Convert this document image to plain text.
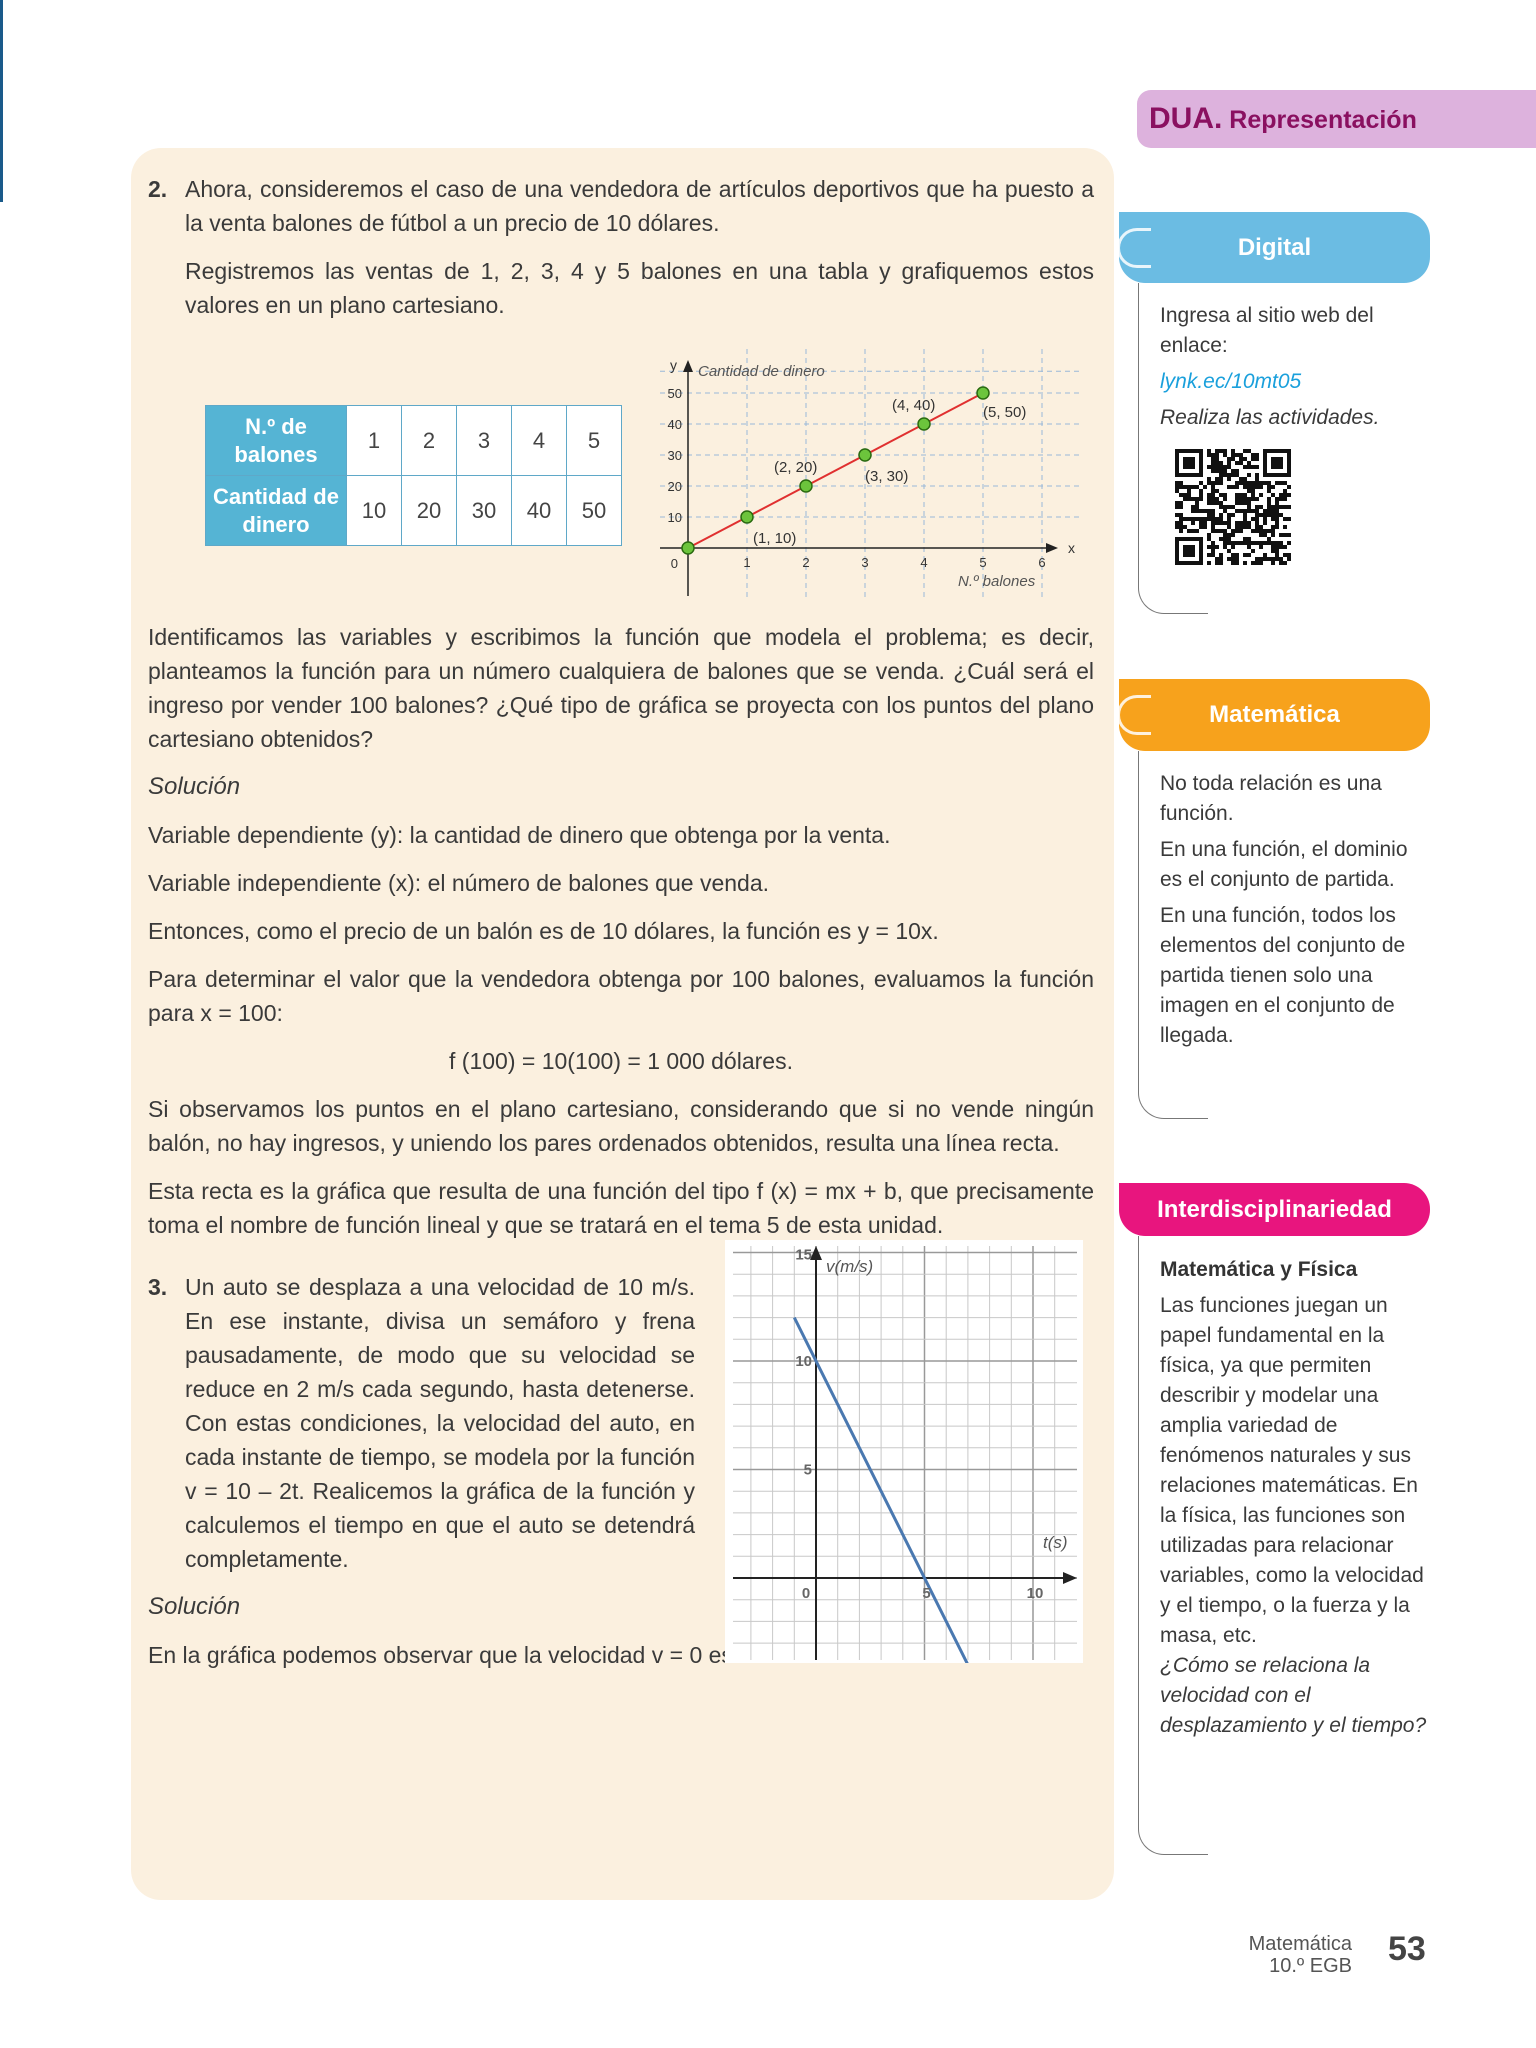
2. Ahora, consideremos el caso de una vendedora de artículos deportivos que ha puesto a la venta balones de fútbol a un precio de 10 dólares.

Registremos las ventas de 1, 2, 3, 4 y 5 balones en una tabla y grafiquemos estos valores en un plano cartesiano.

N.º de balones	1	2	3	4	5
Cantidad de dinero	10	20	30	40	50
x
y Cantidad de dinero
N.º balones
1	2	3	4	5	6
10
20
30
40
50
0
(1, 10)
(2, 20)
(3, 30)
(4, 40)	(5, 50)

Identificamos las variables y escribimos la función que modela el problema; es decir, planteamos la función para un número cualquiera de balones que se venda. ¿Cuál será el ingreso por vender 100 balones? ¿Qué tipo de gráfica se proyecta con los puntos del plano cartesiano obtenidos?

Solución

Variable dependiente (y): la cantidad de dinero que obtenga por la venta.

Variable independiente (x): el número de balones que venda.

Entonces, como el precio de un balón es de 10 dólares, la función es y = 10x.

Para determinar el valor que la vendedora obtenga por 100 balones, evaluamos la función para x = 100:

f (100) = 10(100) = 1 000 dólares.

Si observamos los puntos en el plano cartesiano, considerando que si no vende ningún balón, no hay ingresos, y uniendo los pares ordenados obtenidos, resulta una línea recta.

Esta recta es la gráfica que resulta de una función del tipo f (x) = mx + b, que precisamente toma el nombre de función lineal y que se tratará en el tema 5 de esta unidad.

3. Un auto se desplaza a una velocidad de 10 m/s. En ese instante, divisa un semáforo y frena pausadamente, de modo que su velocidad se reduce en 2 m/s cada segundo, hasta detenerse. Con estas condiciones, la velocidad del auto, en cada instante de tiempo, se modela por la función v = 10 – 2t. Realicemos la gráfica de la función y calculemos el tiempo en que el auto se detendrá completamente.

0	5	10
5
10
15
v(m/s)
t(s)

Solución

En la gráfica podemos observar que la velocidad v = 0 es en t = 5 s

DUA. Representación
Digital

Ingresa al sitio web del enlace:

lynk.ec/10mt05

Realiza las actividades.

Matemática

No toda relación es una función.

En una función, el dominio es el conjunto de partida.

En una función, todos los elementos del conjunto de partida tienen solo una imagen en el conjunto de llegada.

Interdisciplinariedad

Matemática y Física

Las funciones juegan un papel fundamental en la física, ya que permiten describir y modelar una amplia variedad de fenómenos naturales y sus relaciones matemáticas. En la física, las funciones son utilizadas para relacionar variables, como la velocidad y el tiempo, o la fuerza y la masa, etc.

¿Cómo se relaciona la velocidad con el desplazamiento y el tiempo?

Matemática
10.º EGB 53
